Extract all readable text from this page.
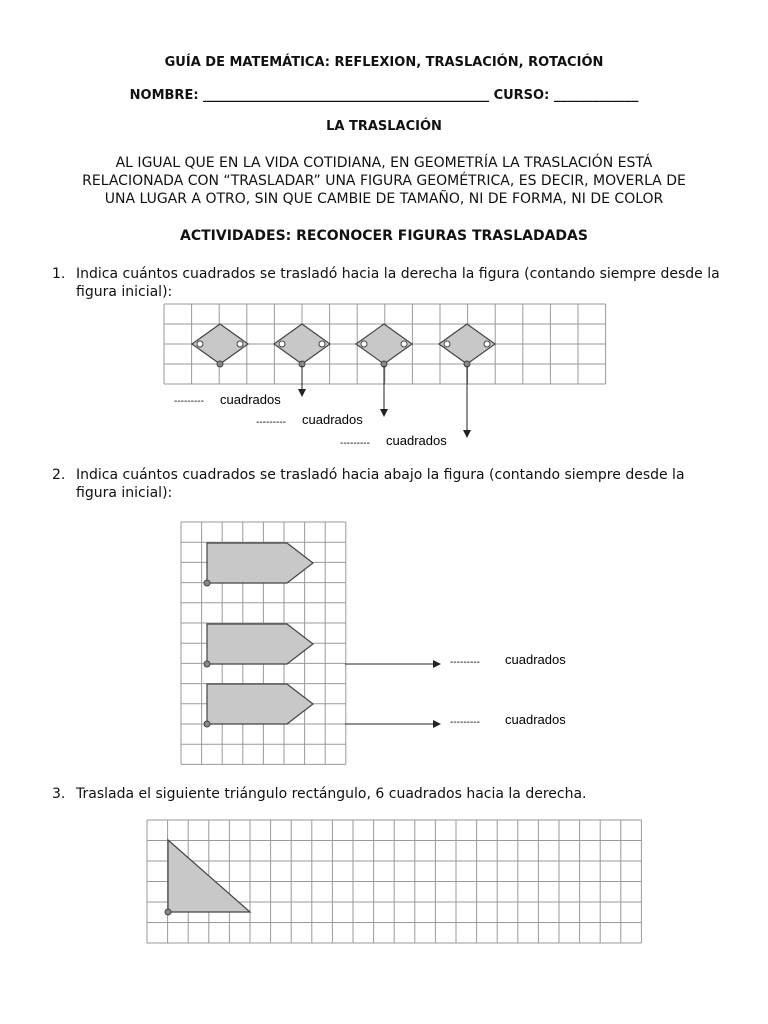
GUÍA DE MATEMÁTICA: REFLEXION, TRASLACIÓN, ROTACIÓN
NOMBRE: ____________________________________________ CURSO: _____________
LA TRASLACIÓN
AL IGUAL QUE EN LA VIDA COTIDIANA, EN GEOMETRÍA LA TRASLACIÓN ESTÁ
RELACIONADA CON “TRASLADAR” UNA FIGURA GEOMÉTRICA, ES DECIR, MOVERLA DE
UNA LUGAR A OTRO, SIN QUE CAMBIE DE TAMAÑO, NI DE FORMA, NI DE COLOR
ACTIVIDADES: RECONOCER FIGURAS TRASLADADAS
1. Indica cuántos cuadrados se trasladó hacia la derecha la figura (contando siempre desde la figura inicial):
2. Indica cuántos cuadrados se trasladó hacia abajo la figura (contando siempre desde la figura inicial):
3. Traslada el siguiente triángulo rectángulo, 6 cuadrados hacia la derecha.
--------- cuadrados
--------- cuadrados
--------- cuadrados
--------- cuadrados
--------- cuadrados
